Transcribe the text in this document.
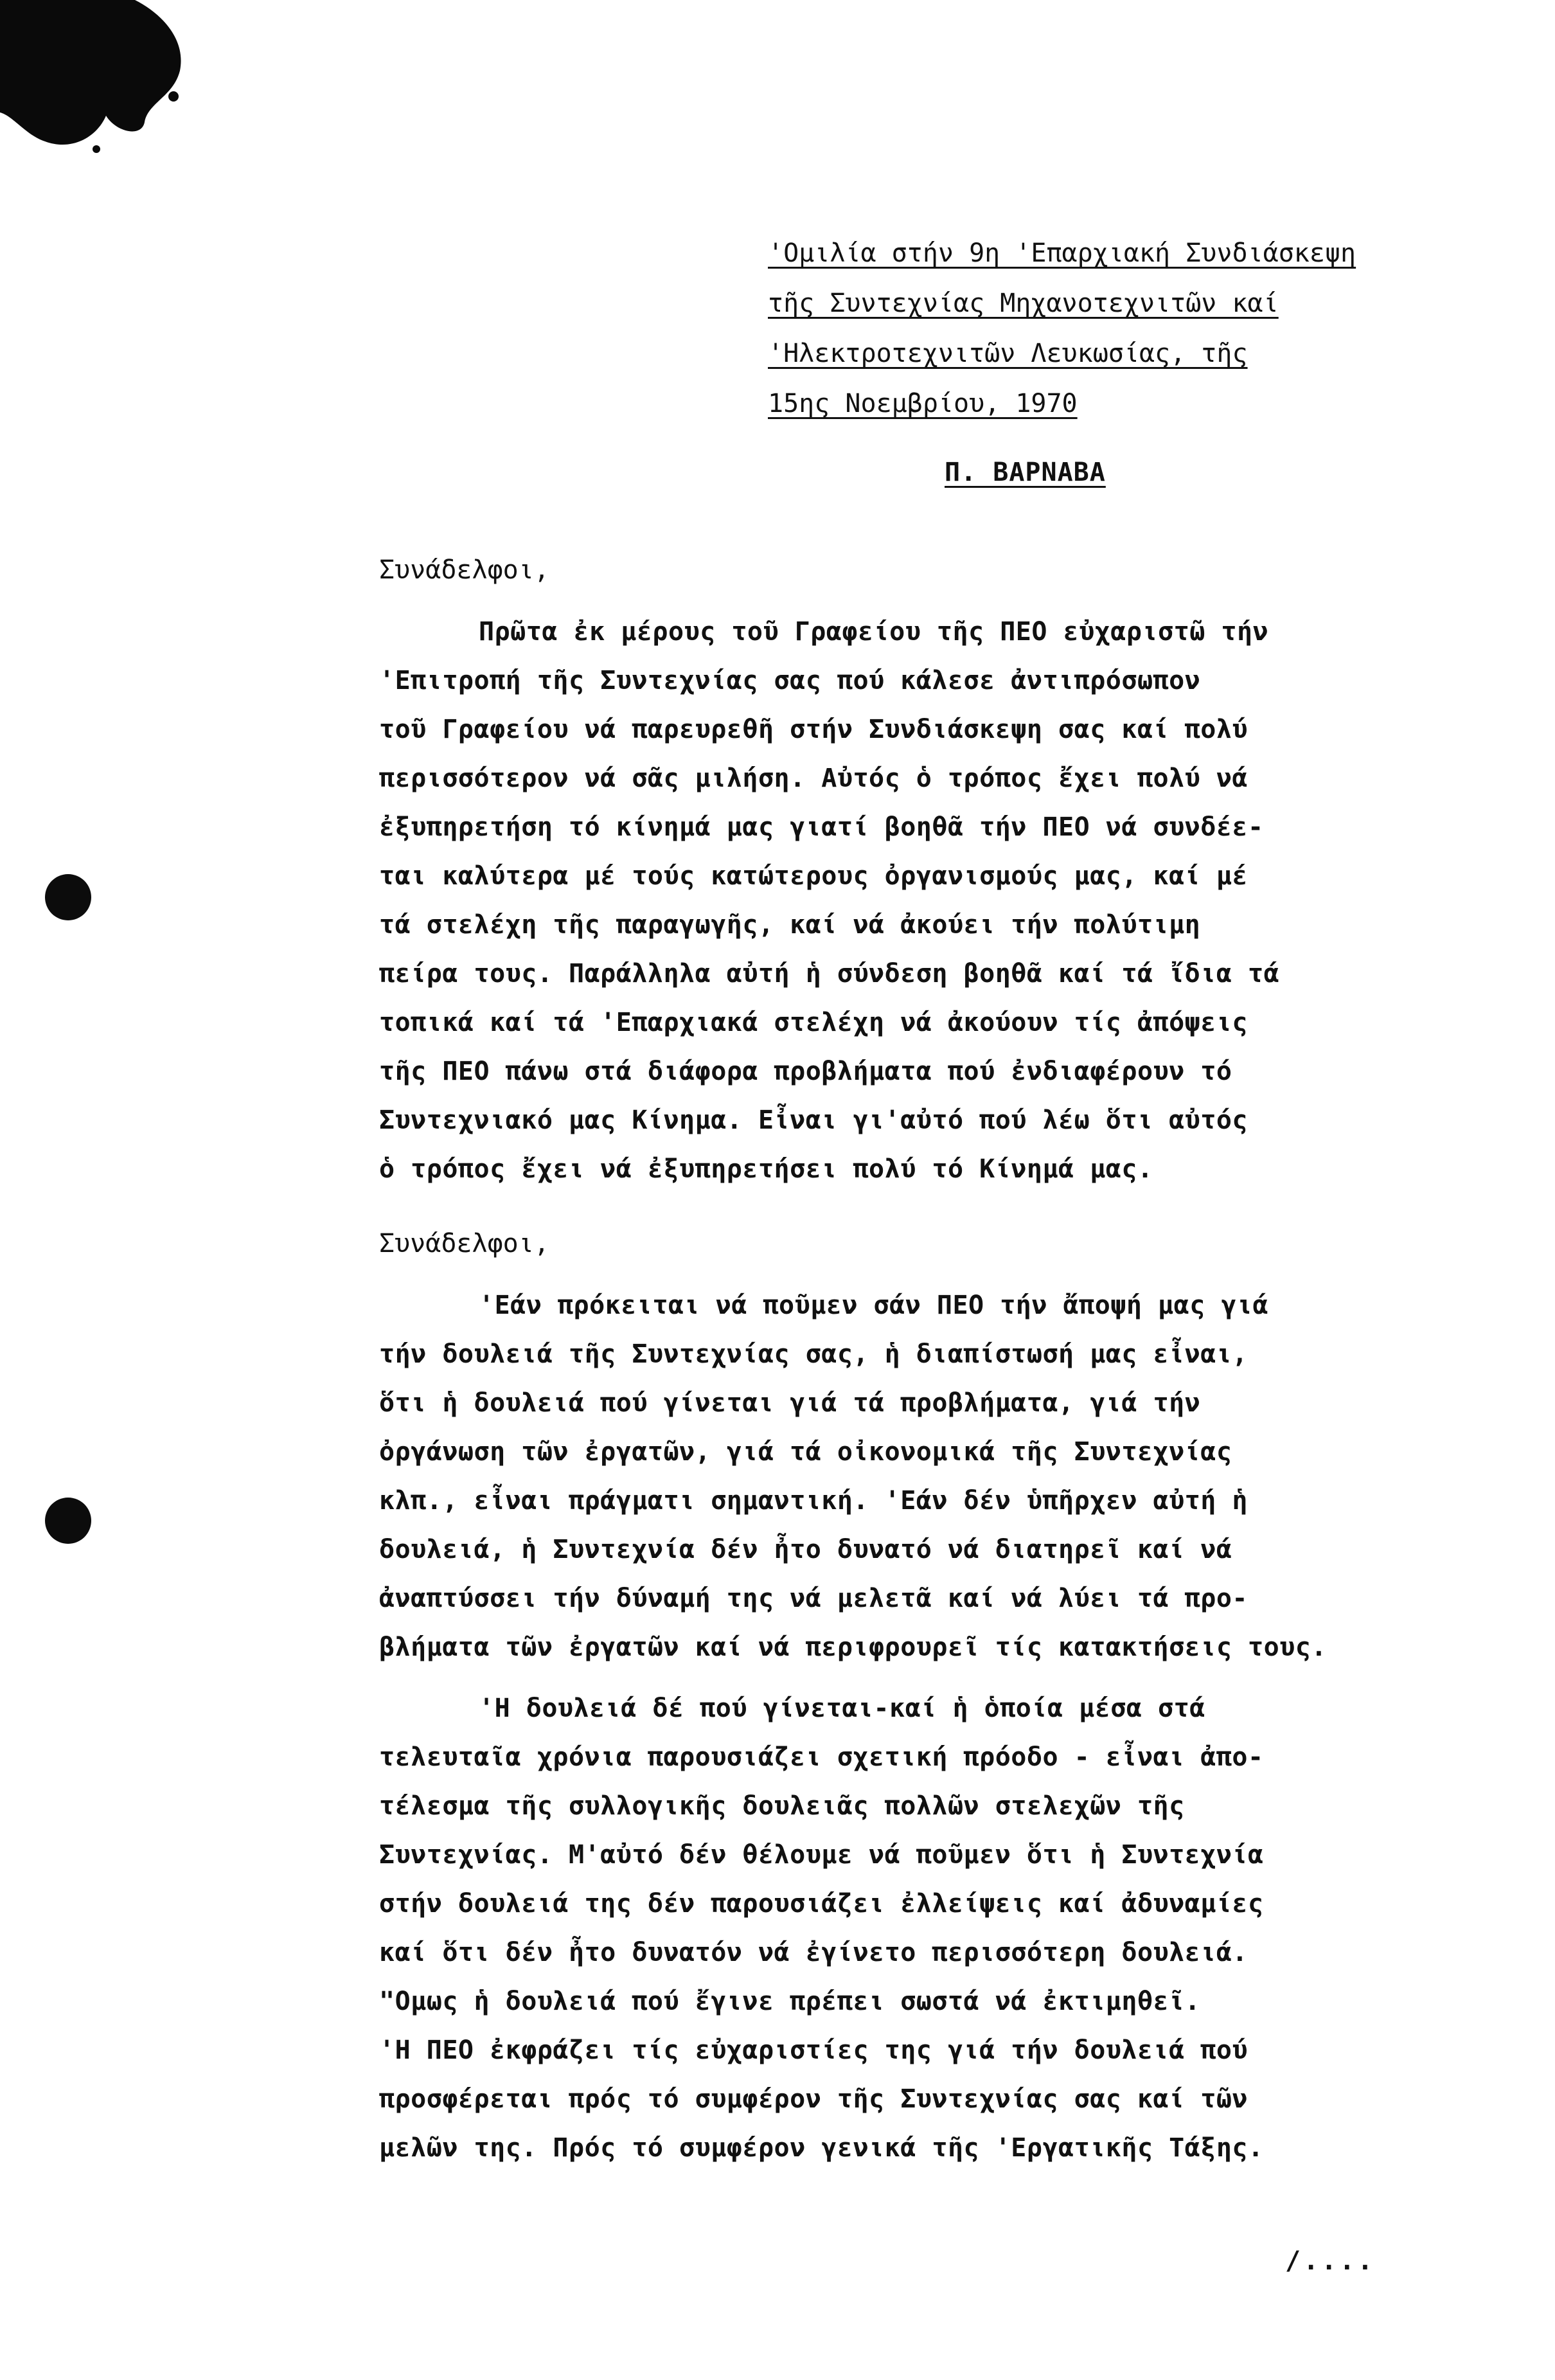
'Ομιλία στήν 9η 'Επαρχιακή Συνδιάσκεψη
τῆς Συντεχνίας Μηχανοτεχνιτῶν καί
'Ηλεκτροτεχνιτῶν Λευκωσίας, τῆς
15ης Νοεμβρίου, 1970
Π. ΒΑΡΝΑΒΑ
Συνάδελφοι,
Πρῶτα ἐκ μέρους τοῦ Γραφείου τῆς ΠΕΟ εὐχαριστῶ τήν
'Επιτροπή τῆς Συντεχνίας σας πού κάλεσε ἀντιπρόσωπον
τοῦ Γραφείου νά παρευρεθῆ στήν Συνδιάσκεψη σας καί πολύ
περισσότερον νά σᾶς μιλήση. Αὐτός ὁ τρόπος ἔχει πολύ νά
ἐξυπηρετήση τό κίνημά μας γιατί βοηθᾶ τήν ΠΕΟ νά συνδέε-
ται καλύτερα μέ τούς κατώτερους ὀργανισμούς μας, καί μέ
τά στελέχη τῆς παραγωγῆς, καί νά ἀκούει τήν πολύτιμη
πείρα τους. Παράλληλα αὐτή ἡ σύνδεση βοηθᾶ καί τά ἴδια τά
τοπικά καί τά 'Επαρχιακά στελέχη νά ἀκούουν τίς ἀπόψεις
τῆς ΠΕΟ πάνω στά διάφορα προβλήματα πού ἐνδιαφέρουν τό
Συντεχνιακό μας Κίνημα. Εἶναι γι'αὐτό πού λέω ὅτι αὐτός
ὁ τρόπος ἔχει νά ἐξυπηρετήσει πολύ τό Κίνημά μας.
Συνάδελφοι,
'Εάν πρόκειται νά ποῦμεν σάν ΠΕΟ τήν ἄποψή μας γιά
τήν δουλειά τῆς Συντεχνίας σας, ἡ διαπίστωσή μας εἶναι,
ὅτι ἡ δουλειά πού γίνεται γιά τά προβλήματα, γιά τήν
ὀργάνωση τῶν ἐργατῶν, γιά τά οἰκονομικά τῆς Συντεχνίας
κλπ., εἶναι πράγματι σημαντική. 'Εάν δέν ὑπῆρχεν αὐτή ἡ
δουλειά, ἡ Συντεχνία δέν ἦτο δυνατό νά διατηρεῖ καί νά
ἀναπτύσσει τήν δύναμή της νά μελετᾶ καί νά λύει τά προ-
βλήματα τῶν ἐργατῶν καί νά περιφρουρεῖ τίς κατακτήσεις τους.
'Η δουλειά δέ πού γίνεται-καί ἡ ὁποία μέσα στά
τελευταῖα χρόνια παρουσιάζει σχετική πρόοδο - εἶναι ἀπο-
τέλεσμα τῆς συλλογικῆς δουλειᾶς πολλῶν στελεχῶν τῆς
Συντεχνίας. Μ'αὐτό δέν θέλουμε νά ποῦμεν ὅτι ἡ Συντεχνία
στήν δουλειά της δέν παρουσιάζει ἐλλείψεις καί ἀδυναμίες
καί ὅτι δέν ἦτο δυνατόν νά ἐγίνετο περισσότερη δουλειά.
"Ομως ἡ δουλειά πού ἔγινε πρέπει σωστά νά ἐκτιμηθεῖ.
'Η ΠΕΟ ἐκφράζει τίς εὐχαριστίες της γιά τήν δουλειά πού
προσφέρεται πρός τό συμφέρον τῆς Συντεχνίας σας καί τῶν
μελῶν της. Πρός τό συμφέρον γενικά τῆς 'Εργατικῆς Τάξης.
/....
